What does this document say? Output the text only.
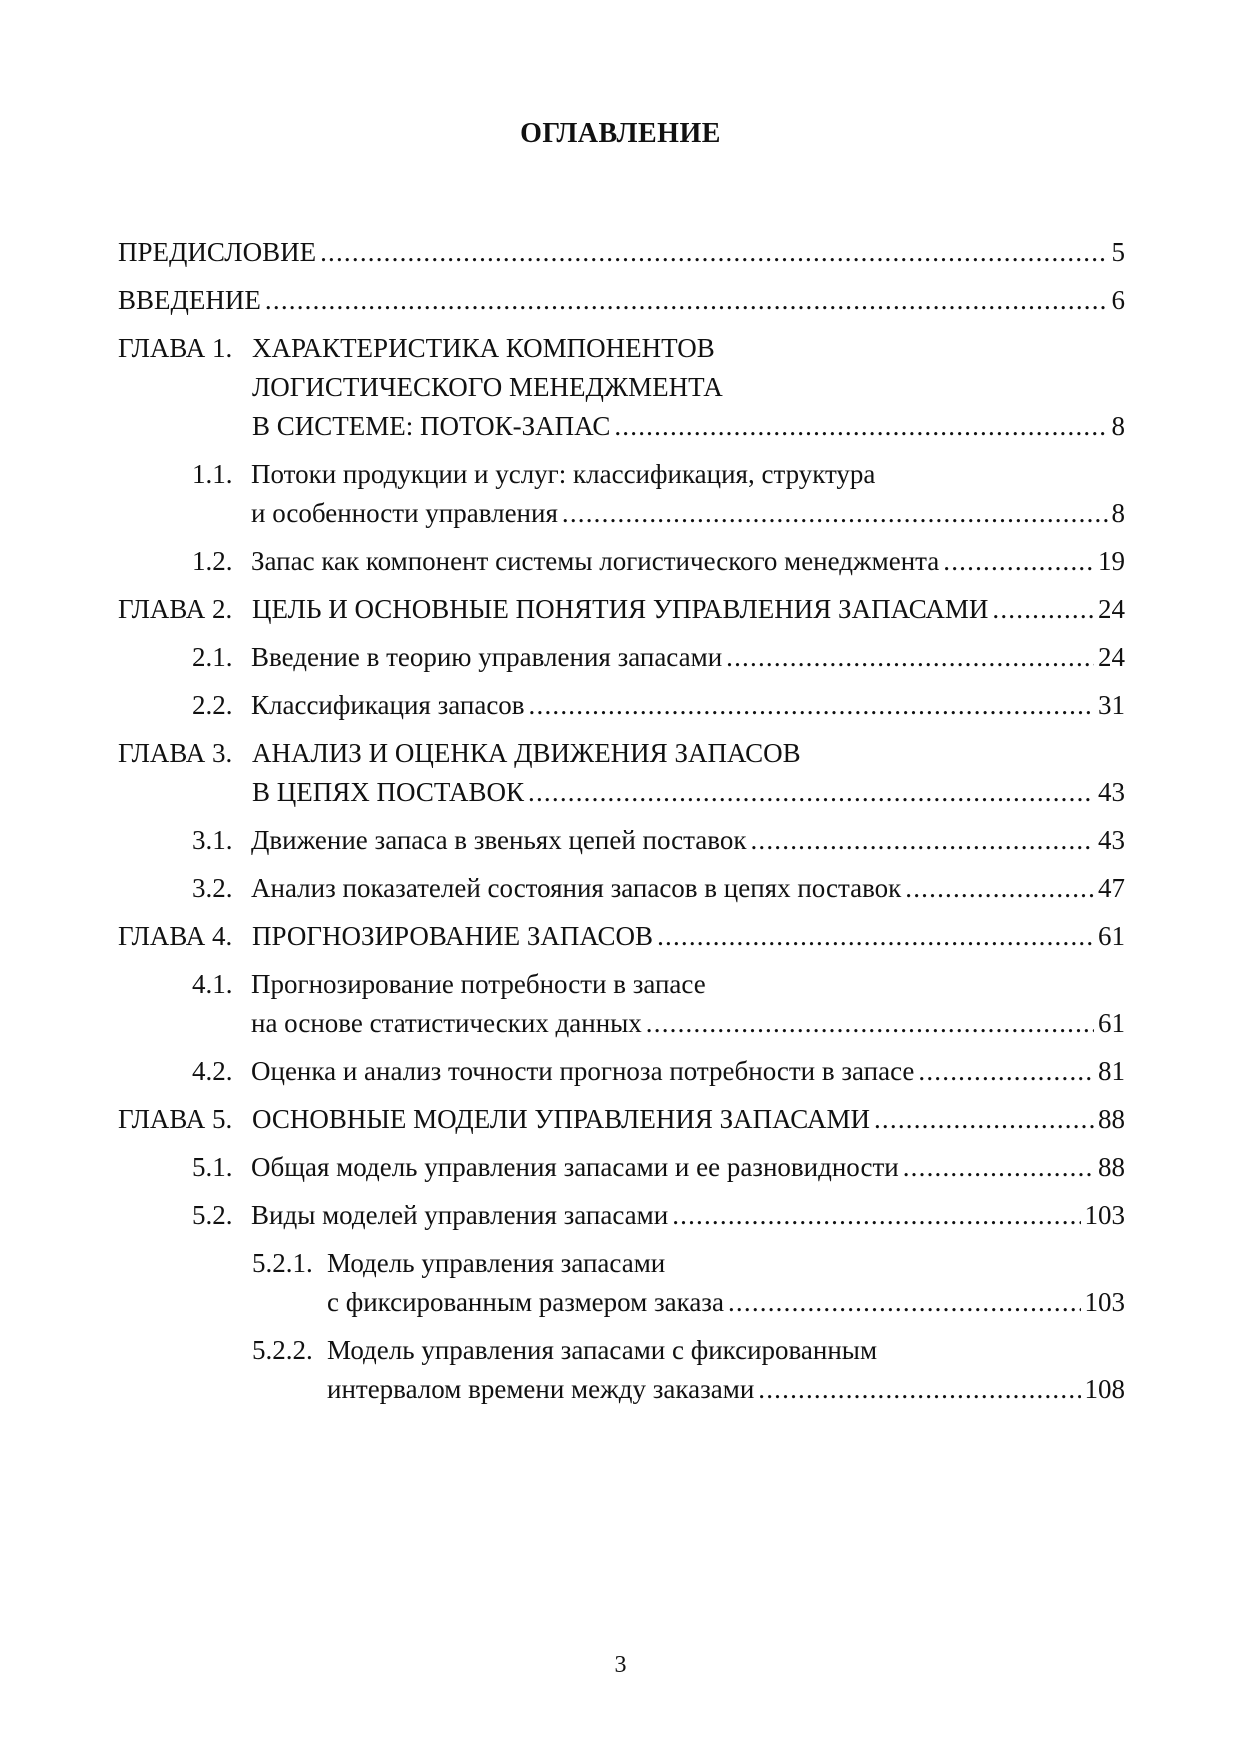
ОГЛАВЛЕНИЕ
ПРЕДИСЛОВИЕ .....	5
ВВЕДЕНИЕ .....	6
ГЛАВА 1. ХАРАКТЕРИСТИКА КОМПОНЕНТОВ
ЛОГИСТИЧЕСКОГО МЕНЕДЖМЕНТА
В СИСТЕМЕ: ПОТОК-ЗАПАС .....	8
1.1. Потоки продукции и услуг: классификация, структура
и особенности управления .....	8
1.2. Запас как компонент системы логистического менеджмента .....	19
ГЛАВА 2. ЦЕЛЬ И ОСНОВНЫЕ ПОНЯТИЯ УПРАВЛЕНИЯ ЗАПАСАМИ .....	24
2.1. Введение в теорию управления запасами .....	24
2.2. Классификация запасов .....	31
ГЛАВА 3. АНАЛИЗ И ОЦЕНКА ДВИЖЕНИЯ ЗАПАСОВ
В ЦЕПЯХ ПОСТАВОК .....	43
3.1. Движение запаса в звеньях цепей поставок .....	43
3.2. Анализ показателей состояния запасов в цепях поставок .....	47
ГЛАВА 4. ПРОГНОЗИРОВАНИЕ ЗАПАСОВ .....	61
4.1. Прогнозирование потребности в запасе
на основе статистических данных .....	61
4.2. Оценка и анализ точности прогноза потребности в запасе .....	81
ГЛАВА 5. ОСНОВНЫЕ МОДЕЛИ УПРАВЛЕНИЯ ЗАПАСАМИ .....	88
5.1. Общая модель управления запасами и ее разновидности .....	88
5.2. Виды моделей управления запасами .....	103
5.2.1. Модель управления запасами
с фиксированным размером заказа .....	103
5.2.2. Модель управления запасами с фиксированным
интервалом времени между заказами .....	108
3
